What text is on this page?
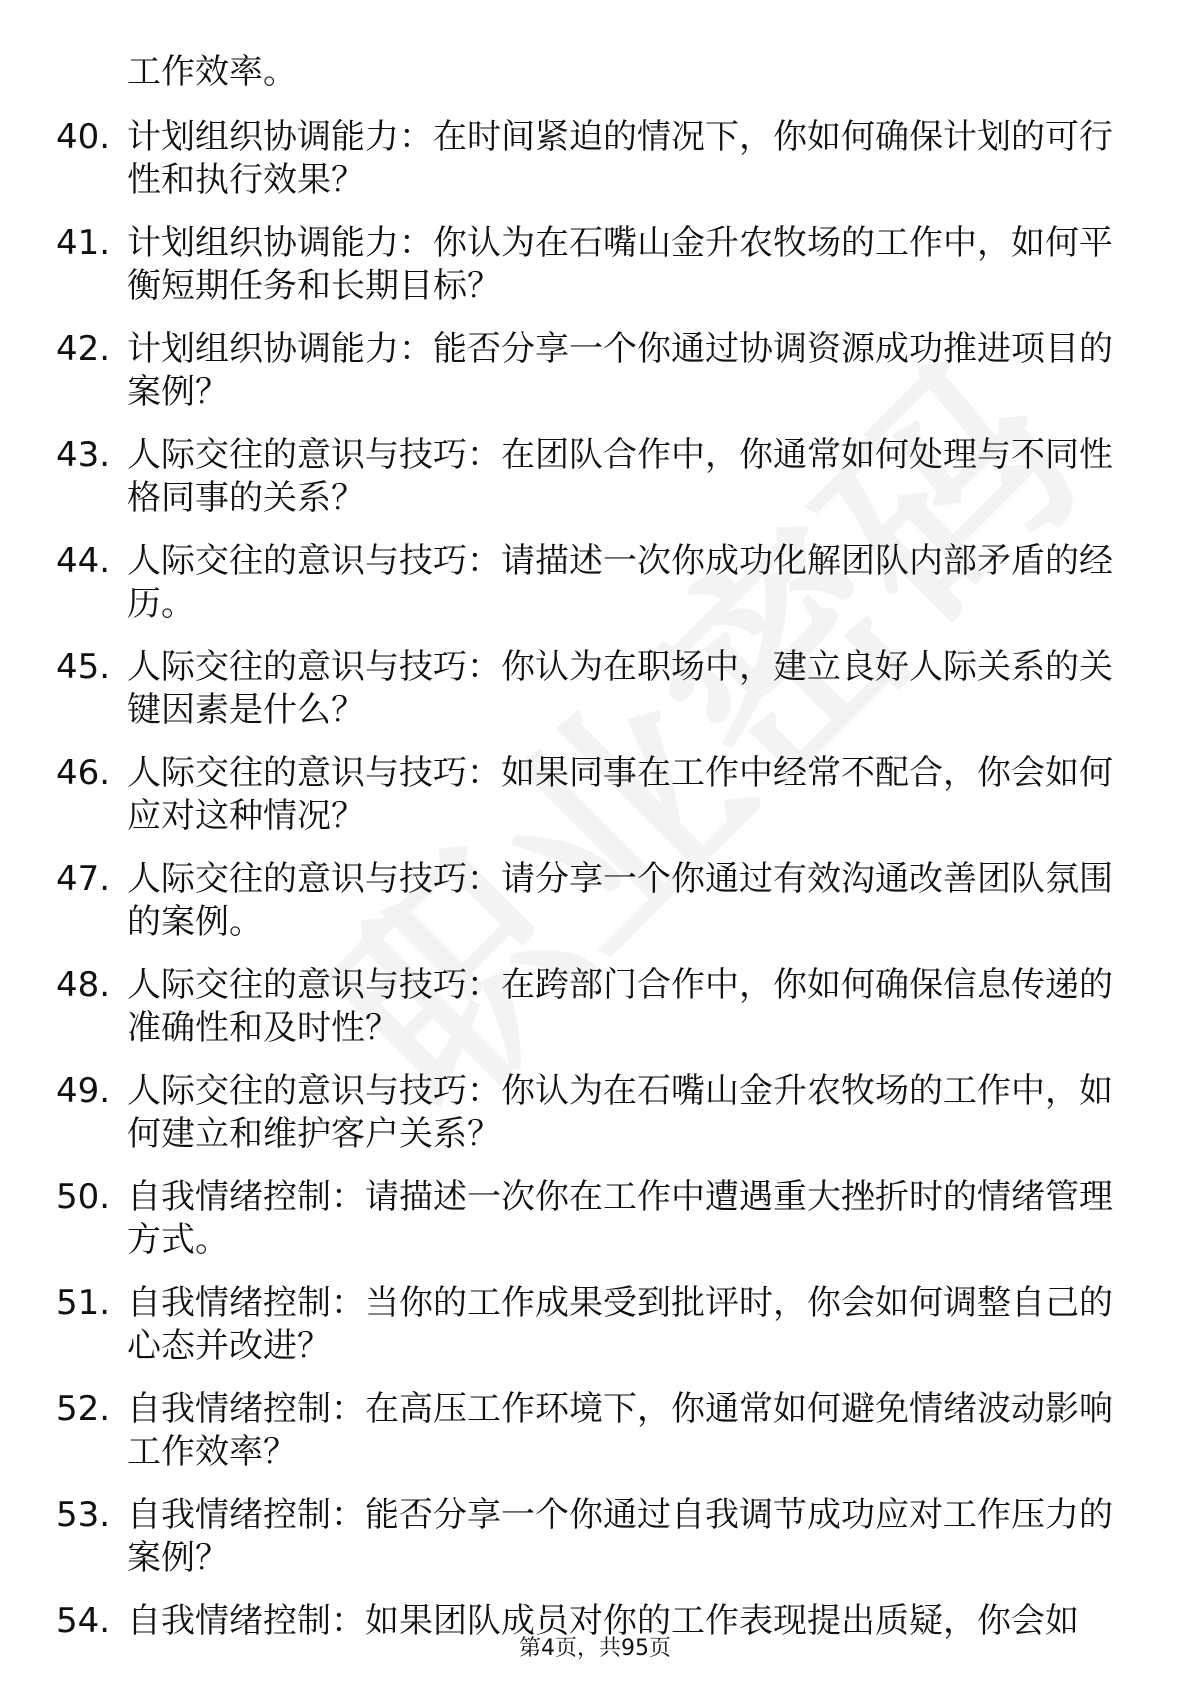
工作效率。
40. 计划组织协调能力：在时间紧迫的情况下，你如何确保计划的可行性和执行效果？
41. 计划组织协调能力：你认为在石嘴山金升农牧场的工作中，如何平衡短期任务和长期目标？
42. 计划组织协调能力：能否分享一个你通过协调资源成功推进项目的案例？
43. 人际交往的意识与技巧：在团队合作中，你通常如何处理与不同性格同事的关系？
44. 人际交往的意识与技巧：请描述一次你成功化解团队内部矛盾的经历。
45. 人际交往的意识与技巧：你认为在职场中，建立良好人际关系的关键因素是什么？
46. 人际交往的意识与技巧：如果同事在工作中经常不配合，你会如何应对这种情况？
47. 人际交往的意识与技巧：请分享一个你通过有效沟通改善团队氛围的案例。
48. 人际交往的意识与技巧：在跨部门合作中，你如何确保信息传递的准确性和及时性？
49. 人际交往的意识与技巧：你认为在石嘴山金升农牧场的工作中，如何建立和维护客户关系？
50. 自我情绪控制：请描述一次你在工作中遭遇重大挫折时的情绪管理方式。
51. 自我情绪控制：当你的工作成果受到批评时，你会如何调整自己的心态并改进？
52. 自我情绪控制：在高压工作环境下，你通常如何避免情绪波动影响工作效率？
53. 自我情绪控制：能否分享一个你通过自我调节成功应对工作压力的案例？
54. 自我情绪控制：如果团队成员对你的工作表现提出质疑，你会如
第4页，共95页
